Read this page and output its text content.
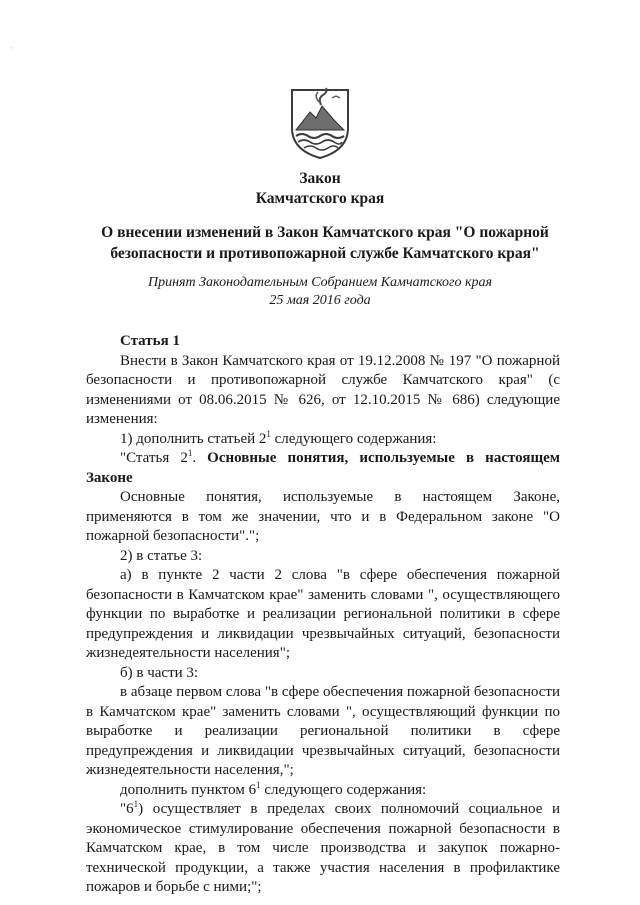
,
Закон
Камчатского края
О внесении изменений в Закон Камчатского края "О пожарной безопасности и противопожарной службе Камчатского края"
Принят Законодательным Собранием Камчатского края
25 мая 2016 года

Статья 1

Внести в Закон Камчатского края от 19.12.2008 № 197 "О пожарной безопасности и противопожарной службе Камчатского края" (с изменениями от 08.06.2015 № 626, от 12.10.2015 № 686) следующие изменения:

1) дополнить статьей $2^1$ следующего содержания:

"Статья $2^1$. Основные понятия, используемые в настоящем Законе

Основные понятия, используемые в настоящем Законе, применяются в том же значении, что и в Федеральном законе "О пожарной безопасности".";

2) в статье 3:

а) в пункте 2 части 2 слова "в сфере обеспечения пожарной безопасности в Камчатском крае" заменить словами ", осуществляющего функции по выработке и реализации региональной политики в сфере предупреждения и ликвидации чрезвычайных ситуаций, безопасности жизнедеятельности населения";

б) в части 3:

в абзаце первом слова "в сфере обеспечения пожарной безопасности в Камчатском крае" заменить словами ", осуществляющий функции по выработке и реализации региональной политики в сфере предупреждения и ликвидации чрезвычайных ситуаций, безопасности жизнедеятельности населения,";

дополнить пунктом $6^1$ следующего содержания:

"$6^1$) осуществляет в пределах своих полномочий социальное и экономическое стимулирование обеспечения пожарной безопасности в Камчатском крае, в том числе производства и закупок пожарно-технической продукции, а также участия населения в профилактике пожаров и борьбе с ними;";
